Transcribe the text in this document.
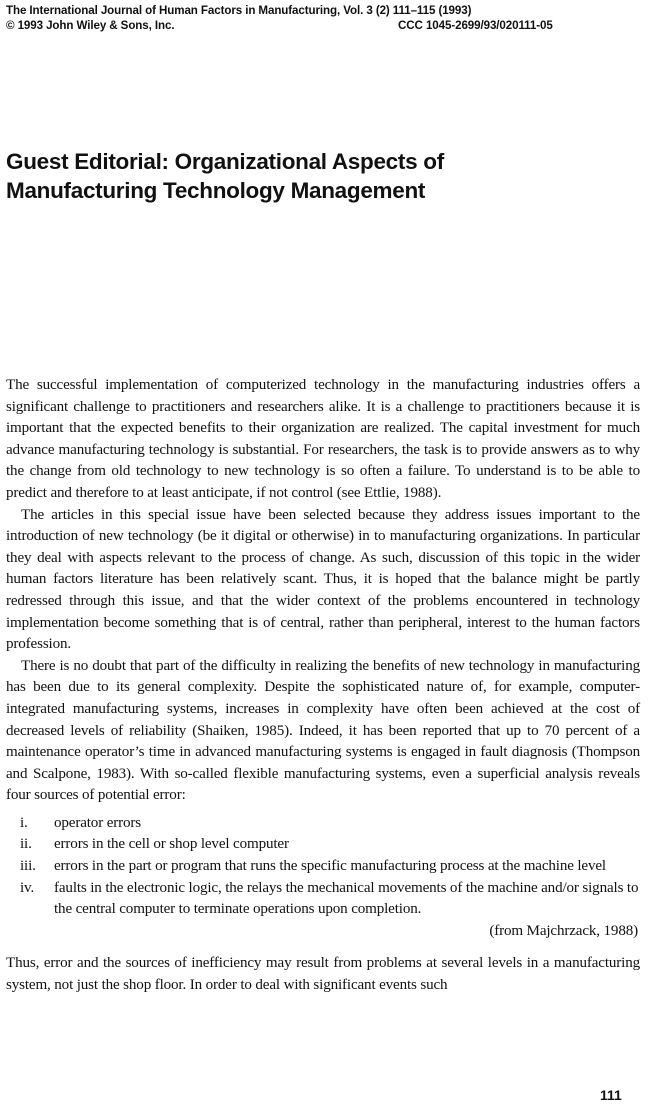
The International Journal of Human Factors in Manufacturing, Vol. 3 (2) 111–115 (1993)
© 1993 John Wiley & Sons, Inc.	CCC 1045-2699/93/020111-05
Guest Editorial: Organizational Aspects of
Manufacturing Technology Management

The successful implementation of computerized technology in the manufacturing industries offers a significant challenge to practitioners and researchers alike. It is a challenge to practitioners because it is important that the expected benefits to their organization are realized. The capital investment for much advance manufacturing technology is substantial. For researchers, the task is to provide answers as to why the change from old technology to new technology is so often a failure. To understand is to be able to predict and therefore to at least anticipate, if not control (see Ettlie, 1988).

The articles in this special issue have been selected because they address issues important to the introduction of new technology (be it digital or otherwise) in to manufacturing organizations. In particular they deal with aspects relevant to the process of change. As such, discussion of this topic in the wider human factors literature has been relatively scant. Thus, it is hoped that the balance might be partly redressed through this issue, and that the wider context of the problems encountered in technology implementation become something that is of central, rather than peripheral, interest to the human factors profession.

There is no doubt that part of the difficulty in realizing the benefits of new technology in manufacturing has been due to its general complexity. Despite the sophisticated nature of, for example, computer-integrated manufacturing systems, increases in complexity have often been achieved at the cost of decreased levels of reliability (Shaiken, 1985). Indeed, it has been reported that up to 70 percent of a maintenance operator’s time in advanced manufacturing systems is engaged in fault diagnosis (Thompson and Scalpone, 1983). With so-called flexible manufacturing systems, even a superficial analysis reveals four sources of potential error:

i. operator errors
ii. errors in the cell or shop level computer
iii. errors in the part or program that runs the specific manufacturing process at the machine level
iv. faults in the electronic logic, the relays the mechanical movements of the machine and/or signals to the central computer to terminate operations upon completion.
(from Majchrzack, 1988)

Thus, error and the sources of inefficiency may result from problems at several levels in a manufacturing system, not just the shop floor. In order to deal with significant events such

111
